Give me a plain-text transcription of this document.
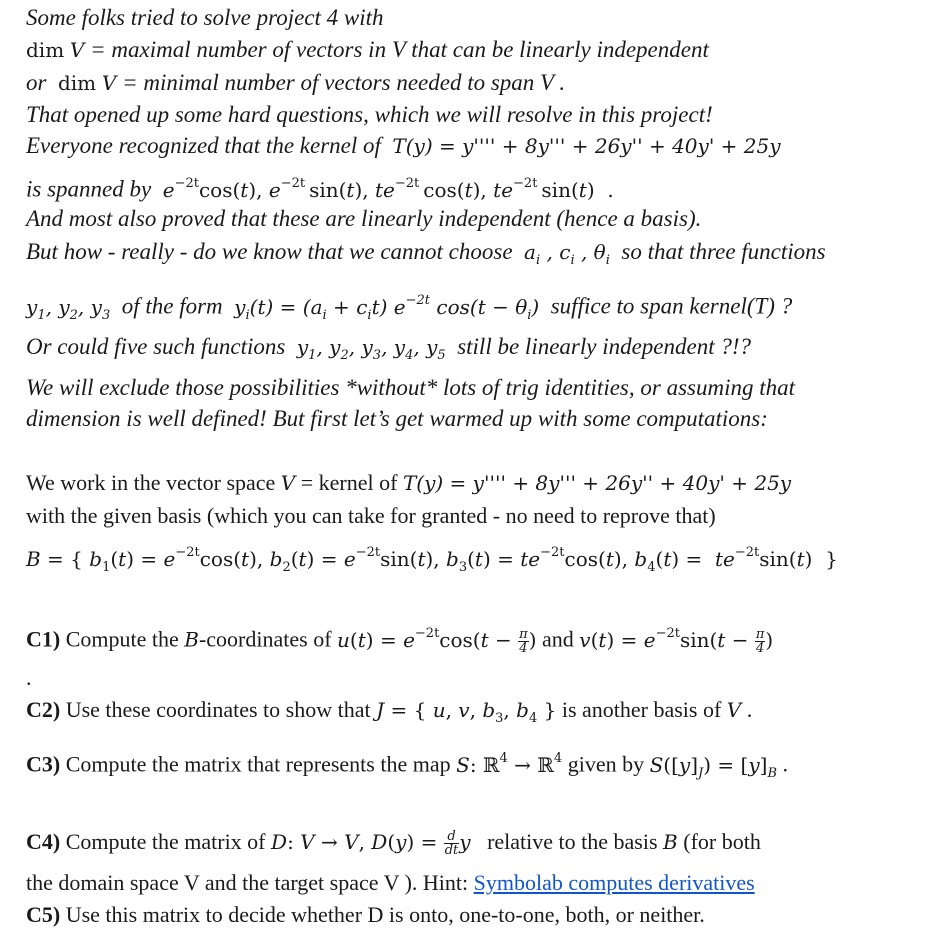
Some folks tried to solve project 4 with
dim V = maximal number of vectors in V that can be linearly independent
or dim V = minimal number of vectors needed to span V .
That opened up some hard questions, which we will resolve in this project!
Everyone recognized that the kernel of T(y) = y'''' + 8y''' + 26y'' + 40y' + 25y
is spanned by $e^{-2t}\cos(t)$, $e^{-2t}$ sin(t), $te^{-2t}$ cos(t), $te^{-2t}$ sin(t)  .
And most also proved that these are linearly independent (hence a basis).
But how - really - do we know that we cannot choose $a_i$ , $c_i$ , $\theta_i$ so that three functions
$y_1$, $y_2$, $y_3$ of the form $y_i(t) = (a_i + c_it)$ $e^{-2t}$ $\cos(t - \theta_i)$ suffice to span kernel(T) ?
Or could five such functions $y_1$, $y_2$, $y_3$, $y_4$, $y_5$ still be linearly independent ?!?
We will exclude those possibilities *without* lots of trig identities, or assuming that
dimension is well defined! But first let’s get warmed up with some computations:
We work in the vector space V = kernel of T(y) = y'''' + 8y''' + 26y'' + 40y' + 25y
with the given basis (which you can take for granted - no need to reprove that)
B = { $b_1(t) = e^{-2t}\cos(t)$, $b_2(t) = e^{-2t}\sin(t)$, $b_3(t) = te^{-2t}\cos(t)$, $b_4(t) = te^{-2t}\sin(t)$  }
C1) Compute the B-coordinates of $u(t) = e^{-2t}\cos(t - \frac{\pi}{4}$ ) and $v(t) = e^{-2t}\sin(t - \frac{\pi}{4}$ )
.
C2) Use these coordinates to show that J = { u, v, $b_3$, $b_4$ } is another basis of V .
C3) Compute the matrix that represents the map S: ℝ$^4$ → ℝ$^4$ given by $S([y]_J) = [y]_B$ .
C4) Compute the matrix of D: V → V, $D(y) = \frac{d}{dt}$ y relative to the basis B (for both
the domain space V and the target space V ). Hint: Symbolab computes derivatives
C5) Use this matrix to decide whether D is onto, one-to-one, both, or neither.
